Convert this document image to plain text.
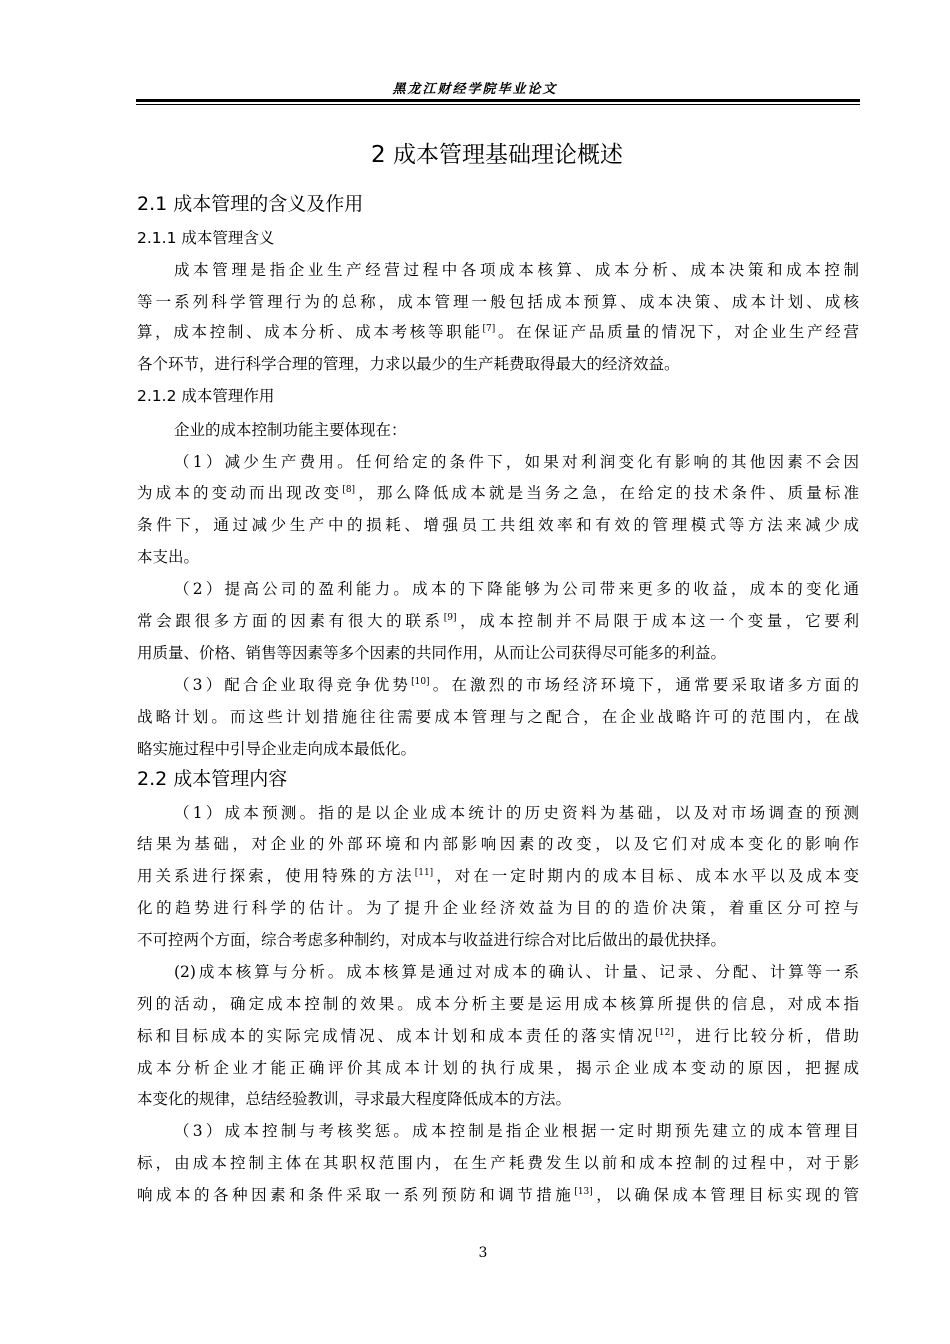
黑龙江财经学院毕业论文
2 成本管理基础理论概述
2.1 成本管理的含义及作用
2.1.1 成本管理含义
成本管理是指企业生产经营过程中各项成本核算、成本分析、成本决策和成本控制
等一系列科学管理行为的总称，成本管理一般包括成本预算、成本决策、成本计划、成核
算，成本控制、成本分析、成本考核等职能[7]。在保证产品质量的情况下，对企业生产经营
各个环节，进行科学合理的管理，力求以最少的生产耗费取得最大的经济效益。
2.1.2 成本管理作用
企业的成本控制功能主要体现在：
（1）减少生产费用。任何给定的条件下，如果对利润变化有影响的其他因素不会因
为成本的变动而出现改变[8]，那么降低成本就是当务之急，在给定的技术条件、质量标准
条件下，通过减少生产中的损耗、增强员工共组效率和有效的管理模式等方法来减少成
本支出。
（2）提高公司的盈利能力。成本的下降能够为公司带来更多的收益，成本的变化通
常会跟很多方面的因素有很大的联系[9]，成本控制并不局限于成本这一个变量，它要利
用质量、价格、销售等因素等多个因素的共同作用，从而让公司获得尽可能多的利益。
（3）配合企业取得竞争优势[10]。在激烈的市场经济环境下，通常要采取诸多方面的
战略计划。而这些计划措施往往需要成本管理与之配合，在企业战略许可的范围内，在战
略实施过程中引导企业走向成本最低化。
2.2 成本管理内容
（1）成本预测。指的是以企业成本统计的历史资料为基础，以及对市场调查的预测
结果为基础，对企业的外部环境和内部影响因素的改变，以及它们对成本变化的影响作
用关系进行探索，使用特殊的方法[11]，对在一定时期内的成本目标、成本水平以及成本变
化的趋势进行科学的估计。为了提升企业经济效益为目的的造价决策，着重区分可控与
不可控两个方面，综合考虑多种制约，对成本与收益进行综合对比后做出的最优抉择。
(2)成本核算与分析。成本核算是通过对成本的确认、计量、记录、分配、计算等一系
列的活动，确定成本控制的效果。成本分析主要是运用成本核算所提供的信息，对成本指
标和目标成本的实际完成情况、成本计划和成本责任的落实情况[12]，进行比较分析，借助
成本分析企业才能正确评价其成本计划的执行成果，揭示企业成本变动的原因，把握成
本变化的规律，总结经验教训，寻求最大程度降低成本的方法。
（3）成本控制与考核奖惩。成本控制是指企业根据一定时期预先建立的成本管理目
标，由成本控制主体在其职权范围内，在生产耗费发生以前和成本控制的过程中，对于影
响成本的各种因素和条件采取一系列预防和调节措施[13]，以确保成本管理目标实现的管
3
